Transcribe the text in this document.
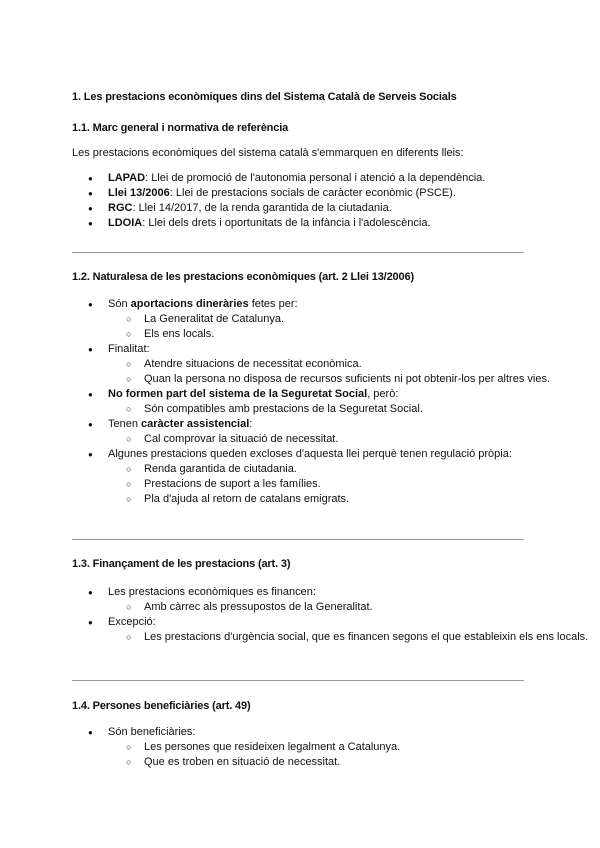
1. Les prestacions econòmiques dins del Sistema Català de Serveis Socials
1.1. Marc general i normativa de referència
Les prestacions econòmiques del sistema català s'emmarquen en diferents lleis:
● LAPAD: Llei de promoció de l'autonomia personal i atenció a la dependència.
● Llei 13/2006: Llei de prestacions socials de caràcter econòmic (PSCE).
● RGC: Llei 14/2017, de la renda garantida de la ciutadania.
● LDOIA: Llei dels drets i oportunitats de la infància i l'adolescència.
1.2. Naturalesa de les prestacions econòmiques (art. 2 Llei 13/2006)
● Són aportacions dineràries fetes per:
○ La Generalitat de Catalunya.
○ Els ens locals.
● Finalitat:
○ Atendre situacions de necessitat econòmica.
○ Quan la persona no disposa de recursos suficients ni pot obtenir-los per altres vies.
● No formen part del sistema de la Seguretat Social, però:
○ Són compatibles amb prestacions de la Seguretat Social.
● Tenen caràcter assistencial:
○ Cal comprovar la situació de necessitat.
● Algunes prestacions queden excloses d'aquesta llei perquè tenen regulació pròpia:
○ Renda garantida de ciutadania.
○ Prestacions de suport a les famílies.
○ Pla d'ajuda al retorn de catalans emigrats.
1.3. Finançament de les prestacions (art. 3)
● Les prestacions econòmiques es financen:
○ Amb càrrec als pressupostos de la Generalitat.
● Excepció:
○ Les prestacions d'urgència social, que es financen segons el que estableixin els ens locals.
1.4. Persones beneficiàries (art. 49)
● Són beneficiàries:
○ Les persones que resideixen legalment a Catalunya.
○ Que es troben en situació de necessitat.
